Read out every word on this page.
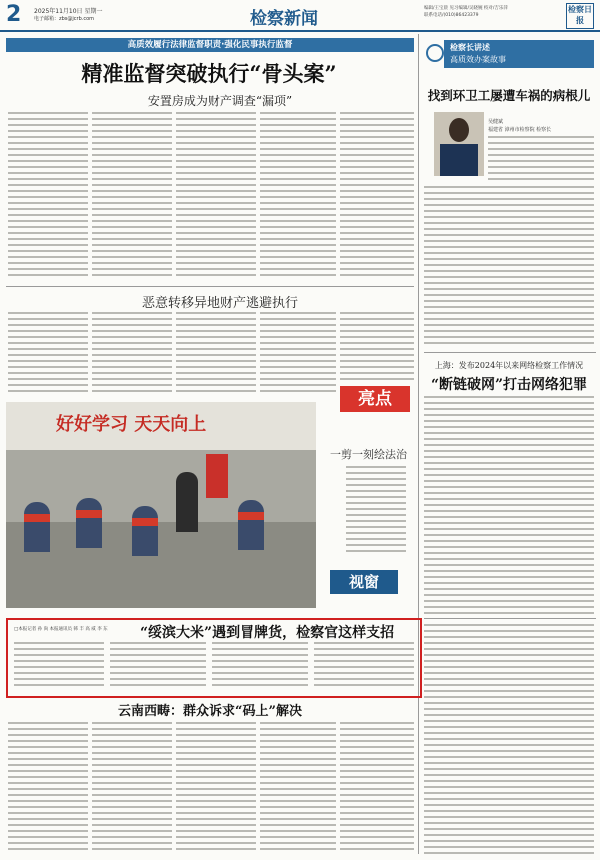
2 2025年11月10日 星期一
电子邮箱：zbs@jcrb.com	检察新闻
编辑/王宝晨 见习编辑/吴晓婉 校对/吉乐萍
联系电话/(010)86423379
检察日报
高质效履行法律监督职责·强化民事执行监督
精准监督突破执行“骨头案”
安置房成为财产调查“漏项”
恶意转移异地财产逃避执行
亮点
好好学习 天天向上
一剪一刻绘法治
视窗
“绥滨大米”遇到冒牌货，检察官这样支招
□本报记者 孙 尚 本报通讯员 韩 丰 高 威 李 东
云南西畴：群众诉求“码上”解决
检察长讲述
高质效办案故事
找到环卫工屡遭车祸的病根儿
吴健斌
福建省 漳州市检察院 检察长
上海：发布2024年以来网络检察工作情况
“断链破网”打击网络犯罪
